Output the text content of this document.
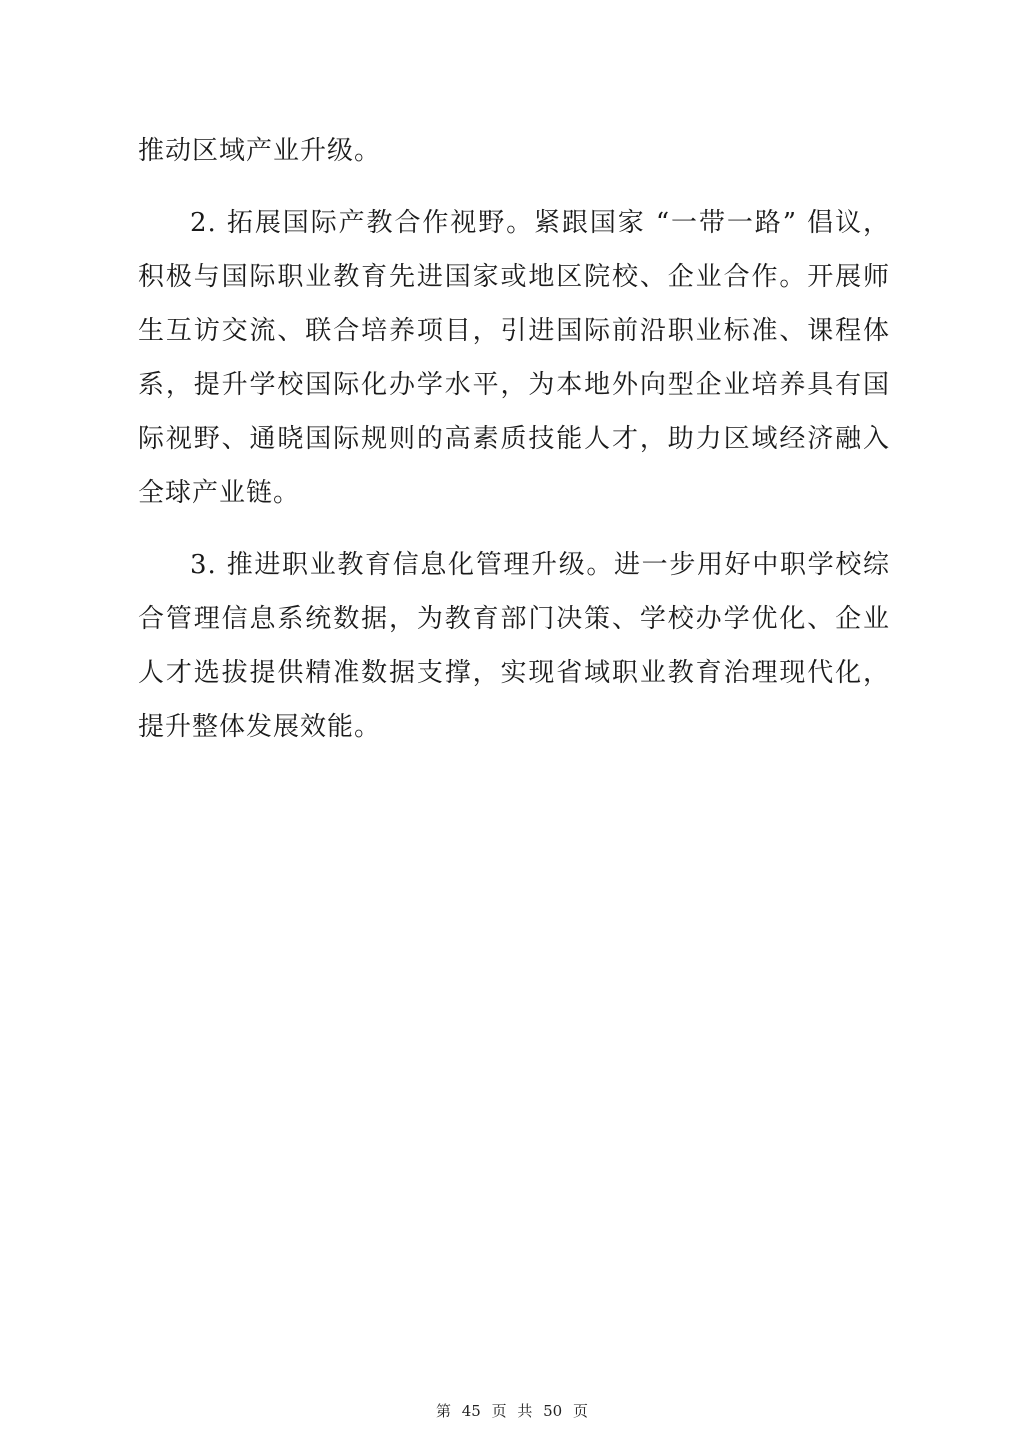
推动区域产业升级。

2. 拓展国际产教合作视野。紧跟国家 “一带一路” 倡议，积极与国际职业教育先进国家或地区院校、企业合作。开展师生互访交流、联合培养项目，引进国际前沿职业标准、课程体系，提升学校国际化办学水平，为本地外向型企业培养具有国际视野、通晓国际规则的高素质技能人才，助力区域经济融入全球产业链。

3. 推进职业教育信息化管理升级。进一步用好中职学校综合管理信息系统数据，为教育部门决策、学校办学优化、企业人才选拔提供精准数据支撑，实现省域职业教育治理现代化，提升整体发展效能。

第 45 页 共 50 页
